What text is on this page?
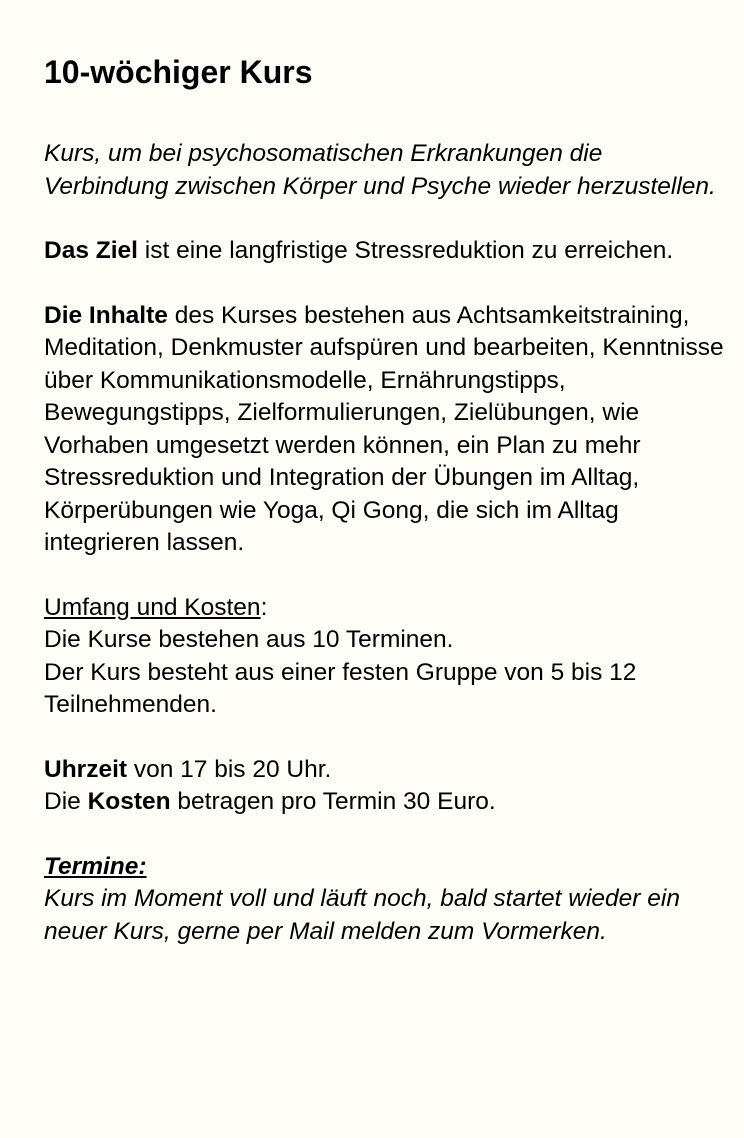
10-wöchiger Kurs

Kurs, um bei psychosomatischen Erkrankungen die Verbindung zwischen Körper und Psyche wieder herzustellen.

Das Ziel ist eine langfristige Stressreduktion zu erreichen.

Die Inhalte des Kurses bestehen aus Achtsamkeitstraining, Meditation, Denkmuster aufspüren und bearbeiten, Kenntnisse über Kommunikationsmodelle, Ernährungstipps, Bewegungstipps, Zielformulierungen, Zielübungen, wie Vorhaben umgesetzt werden können, ein Plan zu mehr Stressreduktion und Integration der Übungen im Alltag, Körperübungen wie Yoga, Qi Gong, die sich im Alltag integrieren lassen.

Umfang und Kosten:
Die Kurse bestehen aus 10 Terminen.
Der Kurs besteht aus einer festen Gruppe von 5 bis 12 Teilnehmenden.

Uhrzeit von 17 bis 20 Uhr.
Die Kosten betragen pro Termin 30 Euro.

Termine:
Kurs im Moment voll und läuft noch, bald startet wieder ein neuer Kurs, gerne per Mail melden zum Vormerken.
